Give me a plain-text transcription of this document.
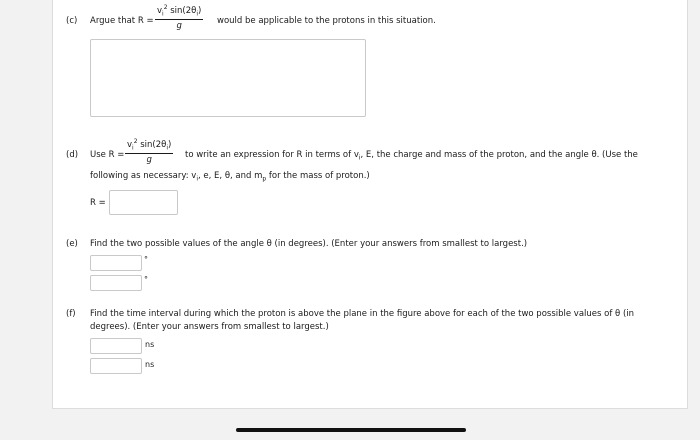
(c) Argue that $R = \frac{v_i^2 \sin(2\theta_i)}{g}$ would be applicable to the protons in this situation.
(d) Use $R = \frac{v_i^2 \sin(2\theta_i)}{g}$ to write an expression for R in terms of $v_i$, E, the charge and mass of the proton, and the angle θ. (Use the
following as necessary: $v_i$, e, E, θ, and $m_p$ for the mass of proton.)
R =
(e) Find the two possible values of the angle θ (in degrees). (Enter your answers from smallest to largest.)
°
°
(f) Find the time interval during which the proton is above the plane in the figure above for each of the two possible values of θ (in
degrees). (Enter your answers from smallest to largest.)
ns
ns
